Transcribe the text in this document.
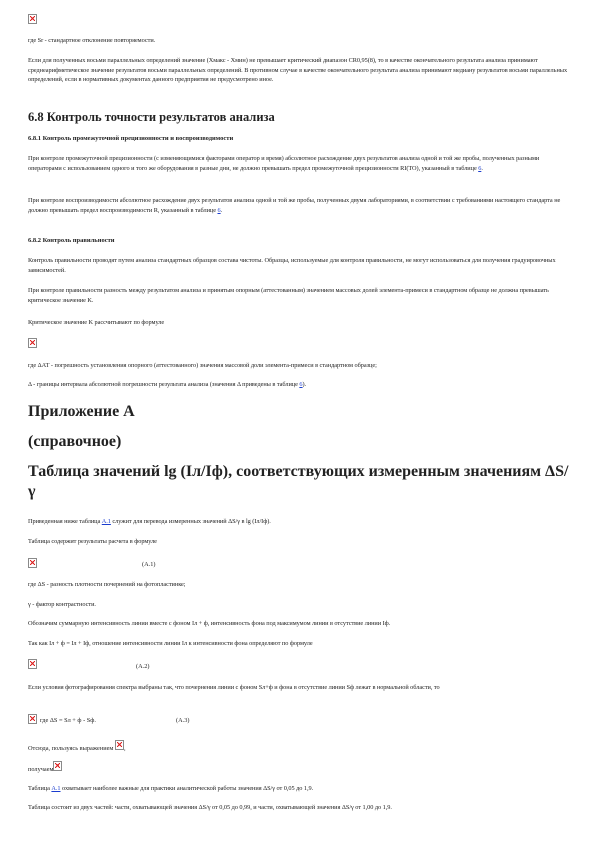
где Sr - стандартное отклонение повторяемости.

Если для полученных восьми параллельных определений значение (Xмакс - Xмин) не превышает критический диапазон CR0,95(8), то в качестве окончательного результата анализа принимают среднеарифметическое значение результатов восьми параллельных определений. В противном случае в качестве окончательного результата анализа принимают медиану результатов восьми параллельных определений, если в нормативных документах данного предприятия не предусмотрено иное.

6.8 Контроль точности результатов анализа
6.8.1 Контроль промежуточной прецизионности и воспроизводимости

При контроле промежуточной прецизионности (с изменяющимися факторами оператор и время) абсолютное расхождение двух результатов анализа одной и той же пробы, полученных разными операторами с использованием одного и того же оборудования в разные дни, не должно превышать предел промежуточной прецизионности RI(TO), указанный в таблице 6.

При контроле воспроизводимости абсолютное расхождение двух результатов анализа одной и той же пробы, полученных двумя лабораториями, в соответствии с требованиями настоящего стандарта не должно превышать предел воспроизводимости R, указанный в таблице 6.

6.8.2 Контроль правильности

Контроль правильности проводят путем анализа стандартных образцов состава чистоты. Образцы, используемые для контроля правильности, не могут использоваться для получения градуировочных зависимостей.

При контроле правильности разность между результатом анализа и принятым опорным (аттестованным) значением массовых долей элемента-примеси в стандартном образце не должна превышать критическое значение K.

Критическое значение K рассчитывают по формуле

где ΔАТ - погрешность установления опорного (аттестованного) значения массовой доли элемента-примеси в стандартном образце;

Δ - границы интервала абсолютной погрешности результата анализа (значения Δ приведены в таблице 6).

Приложение А
(справочное)
Таблица значений lg (Iл/Iф), соответствующих измеренным значениям ΔS/γ

Приведенная ниже таблица А.1 служит для перевода измеренных значений ΔS/γ в lg (Iл/Iф).

Таблица содержит результаты расчета в формуле

(А.1)

где ΔS - разность плотности почернений на фотопластинке;

γ - фактор контрастности.

Обозначим суммарную интенсивность линии вместе с фоном Iл + ф, интенсивность фона под максимумом линии в отсутствие линии Iф.

Так как Iл + ф = Iл + Iф, отношение интенсивности линии Iл к интенсивности фона определяют по формуле

(А.2)

Если условия фотографирования спектра выбраны так, что почернения линии с фоном Sл+ф и фона в отсутствие линии Sф лежат в нормальной области, то

где ΔS = Sл + ф - Sф.	(А.3)
Отсюда, пользуясь выражением ,
получаем

Таблица А.1 охватывает наиболее важные для практики аналитической работы значения ΔS/γ от 0,05 до 1,9.

Таблица состоит из двух частей: части, охватывающей значения ΔS/γ от 0,05 до 0,99, и части, охватывающей значения ΔS/γ от 1,00 до 1,9.
